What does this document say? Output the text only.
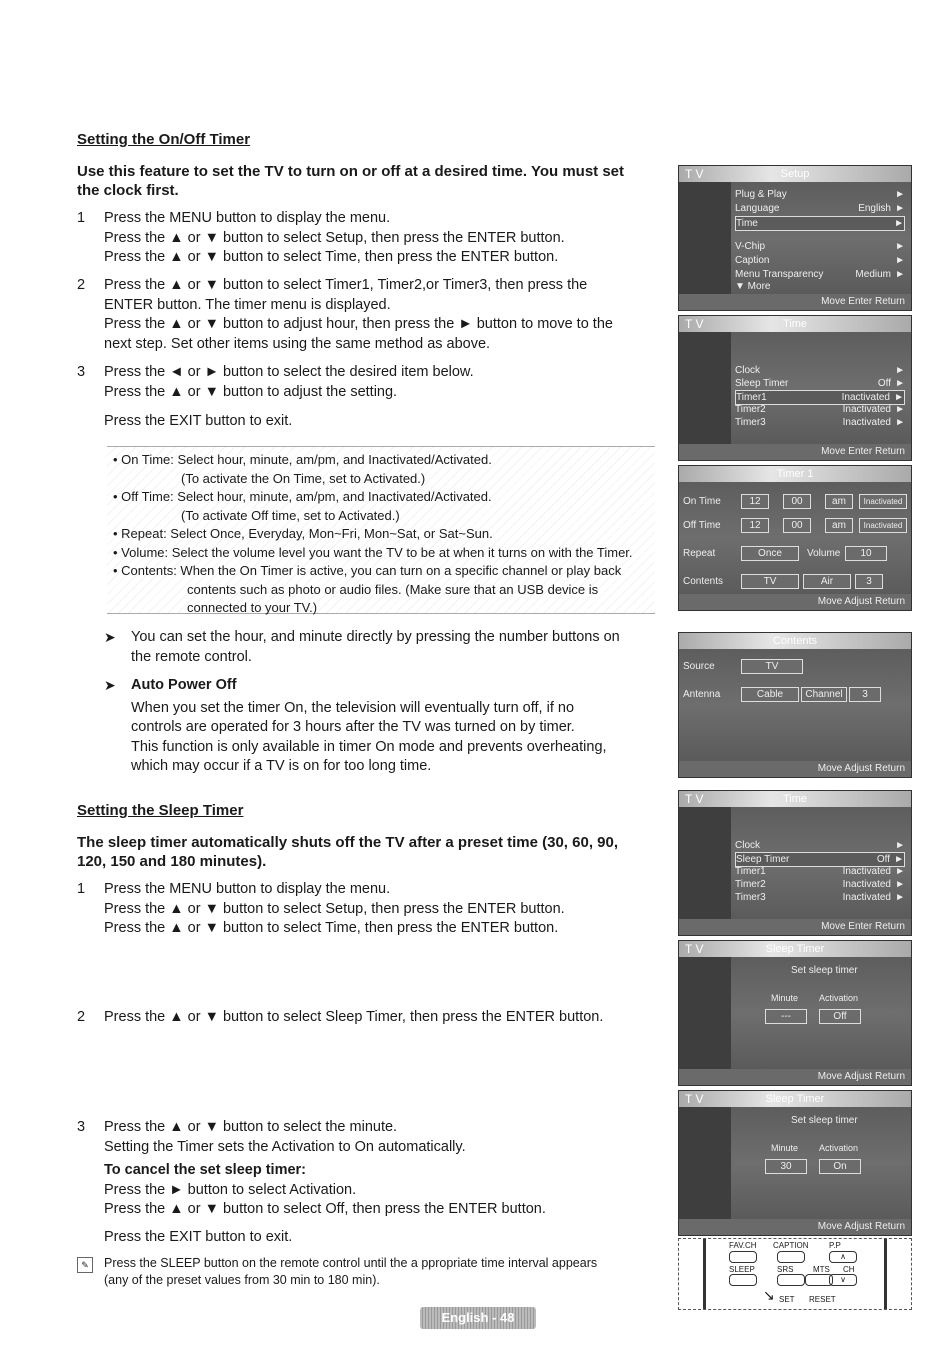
Setting the On/Off Timer
Use this feature to set the TV to turn on or off at a desired time. You must set the clock first.
1 Press the MENU button to display the menu.
Press the ▲ or ▼ button to select Setup, then press the ENTER button.
Press the ▲ or ▼ button to select Time, then press the ENTER button.
2 Press the ▲ or ▼ button to select Timer1, Timer2,or Timer3, then press the
ENTER button. The timer menu is displayed.
Press the ▲ or ▼ button to adjust hour, then press the ► button to move to the
next step. Set other items using the same method as above.
3 Press the ◄ or ► button to select the desired item below.
Press the ▲ or ▼ button to adjust the setting.
Press the EXIT button to exit.
• On Time: Select hour, minute, am/pm, and Inactivated/Activated.
(To activate the On Time, set to Activated.)
• Off Time: Select hour, minute, am/pm, and Inactivated/Activated.
(To activate Off time, set to Activated.)
• Repeat: Select Once, Everyday, Mon~Fri, Mon~Sat, or Sat~Sun.
• Volume: Select the volume level you want the TV to be at when it turns on with the Timer.
• Contents: When the On Timer is active, you can turn on a specific channel or play back
contents such as photo or audio files. (Make sure that an USB device is
connected to your TV.)
➤	You can set the hour, and minute directly by pressing the number buttons on
the remote control.
➤	Auto Power Off
When you set the timer On, the television will eventually turn off, if no
controls are operated for 3 hours after the TV was turned on by timer.
This function is only available in timer On mode and prevents overheating,
which may occur if a TV is on for too long time.
Setting the Sleep Timer
The sleep timer automatically shuts off the TV after a preset time (30, 60, 90, 120, 150 and 180 minutes).
1 Press the MENU button to display the menu.
Press the ▲ or ▼ button to select Setup, then press the ENTER button.
Press the ▲ or ▼ button to select Time, then press the ENTER button.
2 Press the ▲ or ▼ button to select Sleep Timer, then press the ENTER button.
3 Press the ▲ or ▼ button to select the minute.
Setting the Timer sets the Activation to On automatically.
To cancel the set sleep timer:
Press the ► button to select Activation.
Press the ▲ or ▼ button to select Off, then press the ENTER button.
Press the EXIT button to exit.
✎	Press the SLEEP button on the remote control until the a ppropriate time interval appears
(any of the preset values from 30 min to 180 min).
T V	Setup
Plug & Play	►
Language	English ►
Time	►
V-Chip	►
Caption	►
Menu Transparency	Medium ►
▼ More
Move Enter Return
T V	Time
Clock	►
Sleep Timer	Off ►
Timer1	Inactivated ►
Timer2	Inactivated ►
Timer3	Inactivated ►
Move Enter Return
Timer 1
On Time	12	00	am	Inactivated
Off Time	12	00	am	Inactivated
Repeat	Once	Volume	10
Contents	TV	Air	3
Move Adjust Return
Contents
Source	TV
Antenna	Cable	Channel	3
Move Adjust Return
T V	Time
Clock	►
Sleep Timer	Off ►
Timer1	Inactivated ►
Timer2	Inactivated ►
Timer3	Inactivated ►
Move Enter Return
T V	Sleep Timer
Set sleep timer
Minute Activation
---	Off
Move Adjust Return
T V	Sleep Timer
Set sleep timer
Minute Activation
30	On
Move Adjust Return
FAV.CH CAPTION	P.P
∧
SLEEP	SRS MTS CH
∨
↘ SET RESET
English - 48
